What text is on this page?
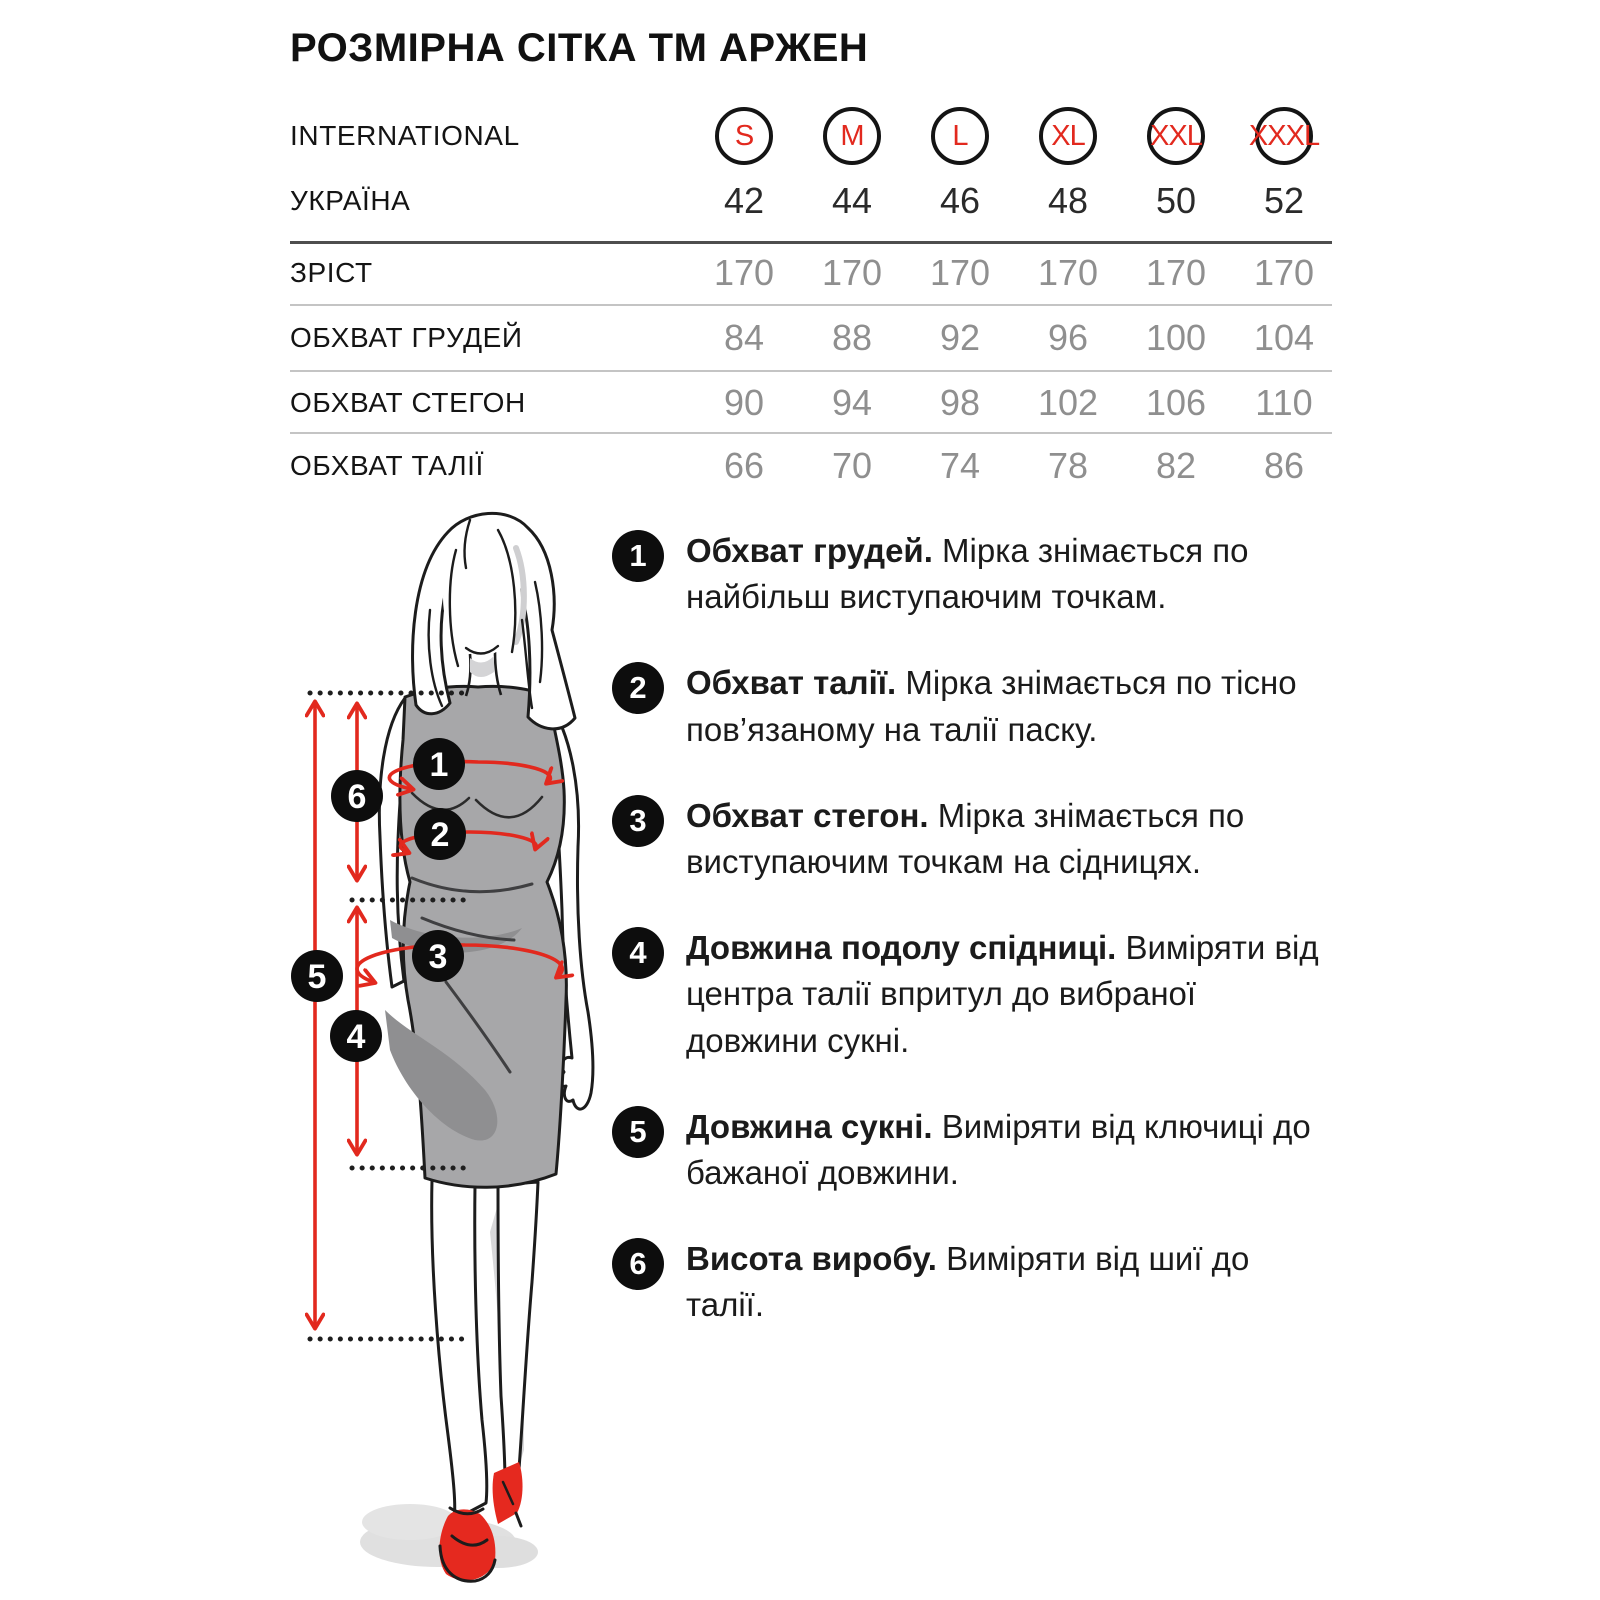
РОЗМІРНА СІТКА ТМ АРЖЕН
INTERNATIONAL	S	M	L	XL XXL XXXL
УКРАЇНА	42 44 46 48 50 52
ЗРІСТ	170 170 170 170 170 170
ОБХВАТ ГРУДЕЙ	84 88 92 96 100 104
ОБХВАТ СТЕГОН	90 94 98 102 106 110
ОБХВАТ ТАЛІЇ	66 70 74 78 82 86
1
2
6
3
4
5
1	Обхват грудей. Мірка знімається по найбільш виступаючим точкам.
2	Обхват талії. Мірка знімається по тісно пов’язаному на талії паску.
3	Обхват стегон. Мірка знімається по виступаючим точкам на сідницях.
4	Довжина подолу спідниці. Виміряти від центра талії впритул до вибраної довжини сукні.
5	Довжина сукні. Виміряти від ключиці до бажаної довжини.
6	Висота виробу. Виміряти від шиї до талії.
